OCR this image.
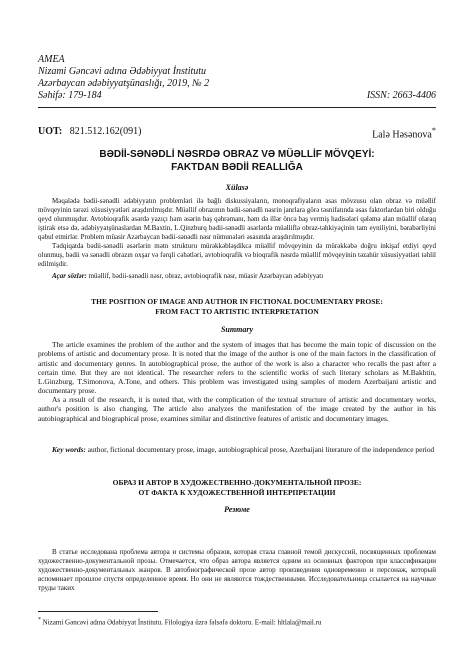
AMEA
Nizami Gəncəvi adına Ədəbiyyat İnstitutu
Azərbaycan ədəbiyyatşünaslığı, 2019, № 2
Səhifə: 179-184	ISSN: 2663-4406
UOT: 821.512.162(091)	Lalə Həsənova*
BƏDİİ-SƏNƏDLİ NƏSRDƏ OBRAZ VƏ MÜƏLLİF MÖVQEYİ:
FAKTDAN BƏDİİ REALLIĞA
Xülasə
Məqalədə bədii-sənədli ədəbiyyatın problemləri ilə bağlı diskussiyaların, monoqrafiyaların əsas mövzusu olan obraz və müəllif mövqeyinin tərəzi xüsusiyyətləri araşdırılmışdır. Müəllif obrazının bədii-sənədli nəsrin janrlara görə təsnifatında əsas faktorlardan biri olduğu qeyd olunmuşdur. Avtobioqrafik əsərdə yazıçı həm əsərin baş qəhrəmanı, həm də illər öncə baş vermiş hadisələri qələmə alan müəllif olaraq iştirak etsə də, ədəbiyyatşünaslardan M.Baxtin, L.Qinzburq bədii-sənədli əsərlərdə müəlliflə obraz-təhkiyəçinin tam eyniliyini, bərabərliyini qəbul etmirlər. Problem müasir Azərbaycan bədii-sənədli nəsr nümunələri əsasında araşdırılmışdır.
Tədqiqatda bədii-sənədli əsərlərin mətn strukturu mürəkkəbləşdikcə müəllif mövqeyinin də mürəkkəbə doğru inkişaf etdiyi qeyd olunmuş, bədii və sənədli obrazın oxşar və fərqli cəhətləri, avtobioqrafik və bioqrafik nəsrdə müəllif mövqeyinin təzahür xüsusiyyətləri təhlil edilmişdir.
Açar sözlər: müəllif, bədii-sənədli nəsr, obraz, avtobioqrafik nəsr, müasir Azərbaycan ədəbiyyatı
THE POSITION OF IMAGE AND AUTHOR IN FICTIONAL DOCUMENTARY PROSE:
FROM FACT TO ARTISTIC INTERPRETATION
Summary
The article examines the problem of the author and the system of images that has become the main topic of discussion on the problems of artistic and documentary prose. It is noted that the image of the author is one of the main factors in the classification of artistic and documentary genres. In autobiographical prose, the author of the work is also a character who recalls the past after a certain time. But they are not identical. The researcher refers to the scientific works of such literary scholars as M.Bakhtin, L.Ginzburg, T.Simonova, A.Tone, and others. This problem was investigated using samples of modern Azerbaijani artistic and documentary prose.
As a result of the research, it is noted that, with the complication of the textual structure of artistic and documentary works, author's position is also changing. The article also analyzes the manifestation of the image created by the author in his autobiographical and biographical prose, examines similar and distinctive features of artistic and documentary images.
Key words: author, fictional documentary prose, image, autobiographical prose, Azerbaijani literature of the independence period
ОБРАЗ И АВТОР В ХУДОЖЕСТВЕННО-ДОКУМЕНТАЛЬНОЙ ПРОЗЕ:
ОТ ФАКТА К ХУДОЖЕСТВЕННОЙ ИНТЕРПРЕТАЦИИ
Резюме
В статье исследована проблема автора и системы образов, которая стала главной темой дискуссий, посвященных проблемам художественно-документальной прозы. Отмечается, что образ автора является одним из основных факторов при классификации художественно-документальных жанров. В автобиографической прозе автор произведения одновременно и персонаж, который вспоминает прошлое спустя определенное время. Но они не являются тождественными. Исследовательница ссылается на научные труды таких
* Nizami Gəncəvi adına Ədəbiyyat İnstitutu. Filologiya üzrə fəlsəfə doktoru. E-mail: hltlala@mail.ru
